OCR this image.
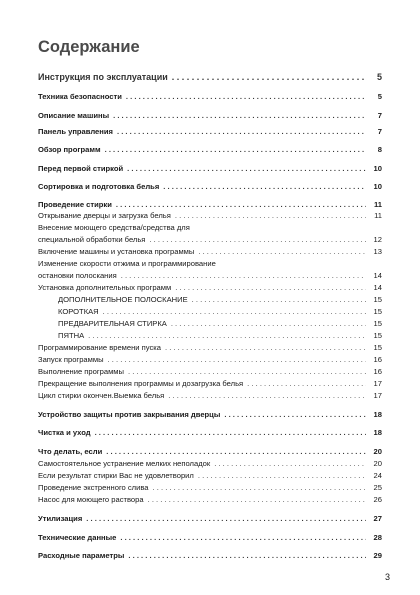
Содержание
Инструкция по эксплуатации . . .	5
Техника безопасности . . .	5
Описание машины . . .	7
Панель управления . . .	7
Обзор программ . . .	8
Перед первой стиркой . . .	10
Сортировка и подготовка белья . . .	10
Проведение стирки . . .	11
Открывание дверцы и загрузка белья . . .	11
Внесение моющего средства/средства для
специальной обработки белья . . .	12
Включение машины и установка программы . . .	13
Изменение скорости отжима и программирование
остановки полоскания . . .	14
Установка дополнительных программ . . .	14
ДОПОЛНИТЕЛЬНОЕ ПОЛОСКАНИЕ . . .	15
КОРОТКАЯ . . .	15
ПРЕДВАРИТЕЛЬНАЯ СТИРКА . . .	15
ПЯТНА . . .	15
Программирование времени пуска . . .	15
Запуск программы . . .	16
Выполнение программы . . .	16
Прекращение выполнения программы и дозагрузка белья . . .	17
Цикл стирки окончен.Выемка белья . . .	17
Устройство защиты против закрывания дверцы . . .	18
Чистка и уход . . .	18
Что делать, если . . .	20
Самостоятельное устранение мелких неполадок . . .	20
Если результат стирки Вас не удовлетворил . . .	24
Проведение экстренного слива . . .	25
Насос для моющего раствора . . .	26
Утилизация . . .	27
Технические данные . . .	28
Расходные параметры . . .	29
3
